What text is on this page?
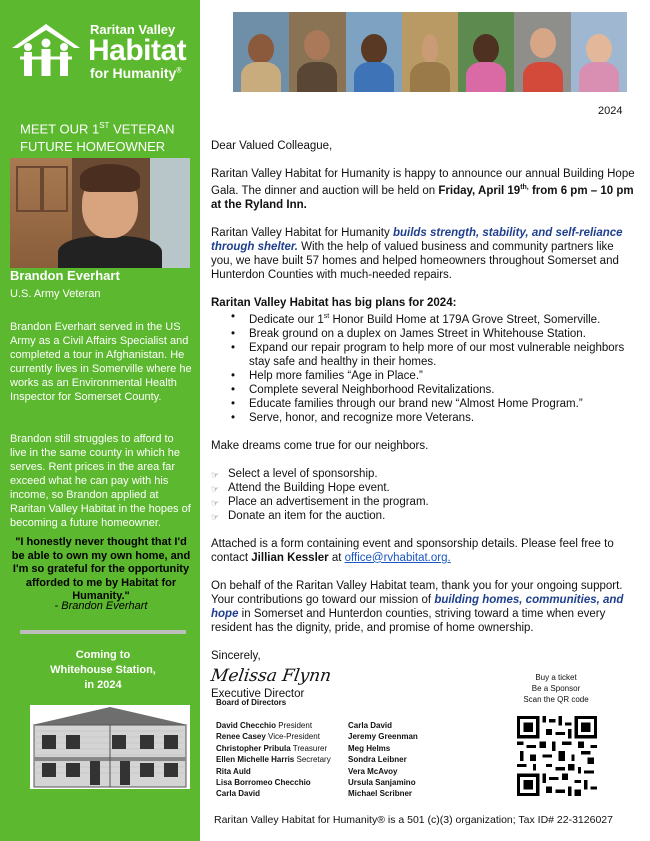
Raritan Valley
Habitat
for Humanity®
MEET OUR 1ST VETERAN FUTURE HOMEOWNER
Brandon Everhart
U.S. Army Veteran
Brandon Everhart served in the US Army as a Civil Affairs Specialist and completed a tour in Afghanistan. He currently lives in Somerville where he works as an Environmental Health Inspector for Somerset County.
Brandon still struggles to afford to live in the same county in which he serves. Rent prices in the area far exceed what he can pay with his income, so Brandon applied at Raritan Valley Habitat in the hopes of becoming a future homeowner.
"I honestly never thought that I'd be able to own my own home, and I'm so grateful for the opportunity afforded to me by Habitat for Humanity."
- Brandon Everhart
Coming to
Whitehouse Station,
in 2024
2024
Dear Valued Colleague,
Raritan Valley Habitat for Humanity is happy to announce our annual Building Hope Gala. The dinner and auction will be held on Friday, April $19^{th,}$ from 6 pm – 10 pm at the Ryland Inn.
Raritan Valley Habitat for Humanity builds strength, stability, and self-reliance through shelter. With the help of valued business and community partners like you, we have built 57 homes and helped homeowners throughout Somerset and Hunterdon Counties with much-needed repairs.
Raritan Valley Habitat has big plans for 2024:
• Dedicate our 1st Honor Build Home at 179A Grove Street, Somerville.
• Break ground on a duplex on James Street in Whitehouse Station.
• Expand our repair program to help more of our most vulnerable neighbors stay safe and healthy in their homes.
• Help more families “Age in Place.”
• Complete several Neighborhood Revitalizations.
• Educate families through our brand new “Almost Home Program.”
• Serve, honor, and recognize more Veterans.
Make dreams come true for our neighbors.
☞ Select a level of sponsorship.
☞ Attend the Building Hope event.
☞ Place an advertisement in the program.
☞ Donate an item for the auction.
Attached is a form containing event and sponsorship details. Please feel free to contact Jillian Kessler at office@rvhabitat.org.
On behalf of the Raritan Valley Habitat team, thank you for your ongoing support. Your contributions go toward our mission of building homes, communities, and hope in Somerset and Hunterdon counties, striving toward a time when every resident has the dignity, pride, and promise of home ownership.
Sincerely,
Melissa Flynn
Executive Director
Board of Directors
David Checchio President
Renee Casey Vice-President
Christopher Pribula Treasurer
Ellen Michelle Harris Secretary
Rita Auld
Lisa Borromeo Checchio
Carla David
Carla David
Jeremy Greenman
Meg Helms
Sondra Leibner
Vera McAvoy
Ursula Sanjamino
Michael Scribner
Buy a ticket
Be a Sponsor
Scan the QR code
Raritan Valley Habitat for Humanity® is a 501 (c)(3) organization; Tax ID# 22-3126027
